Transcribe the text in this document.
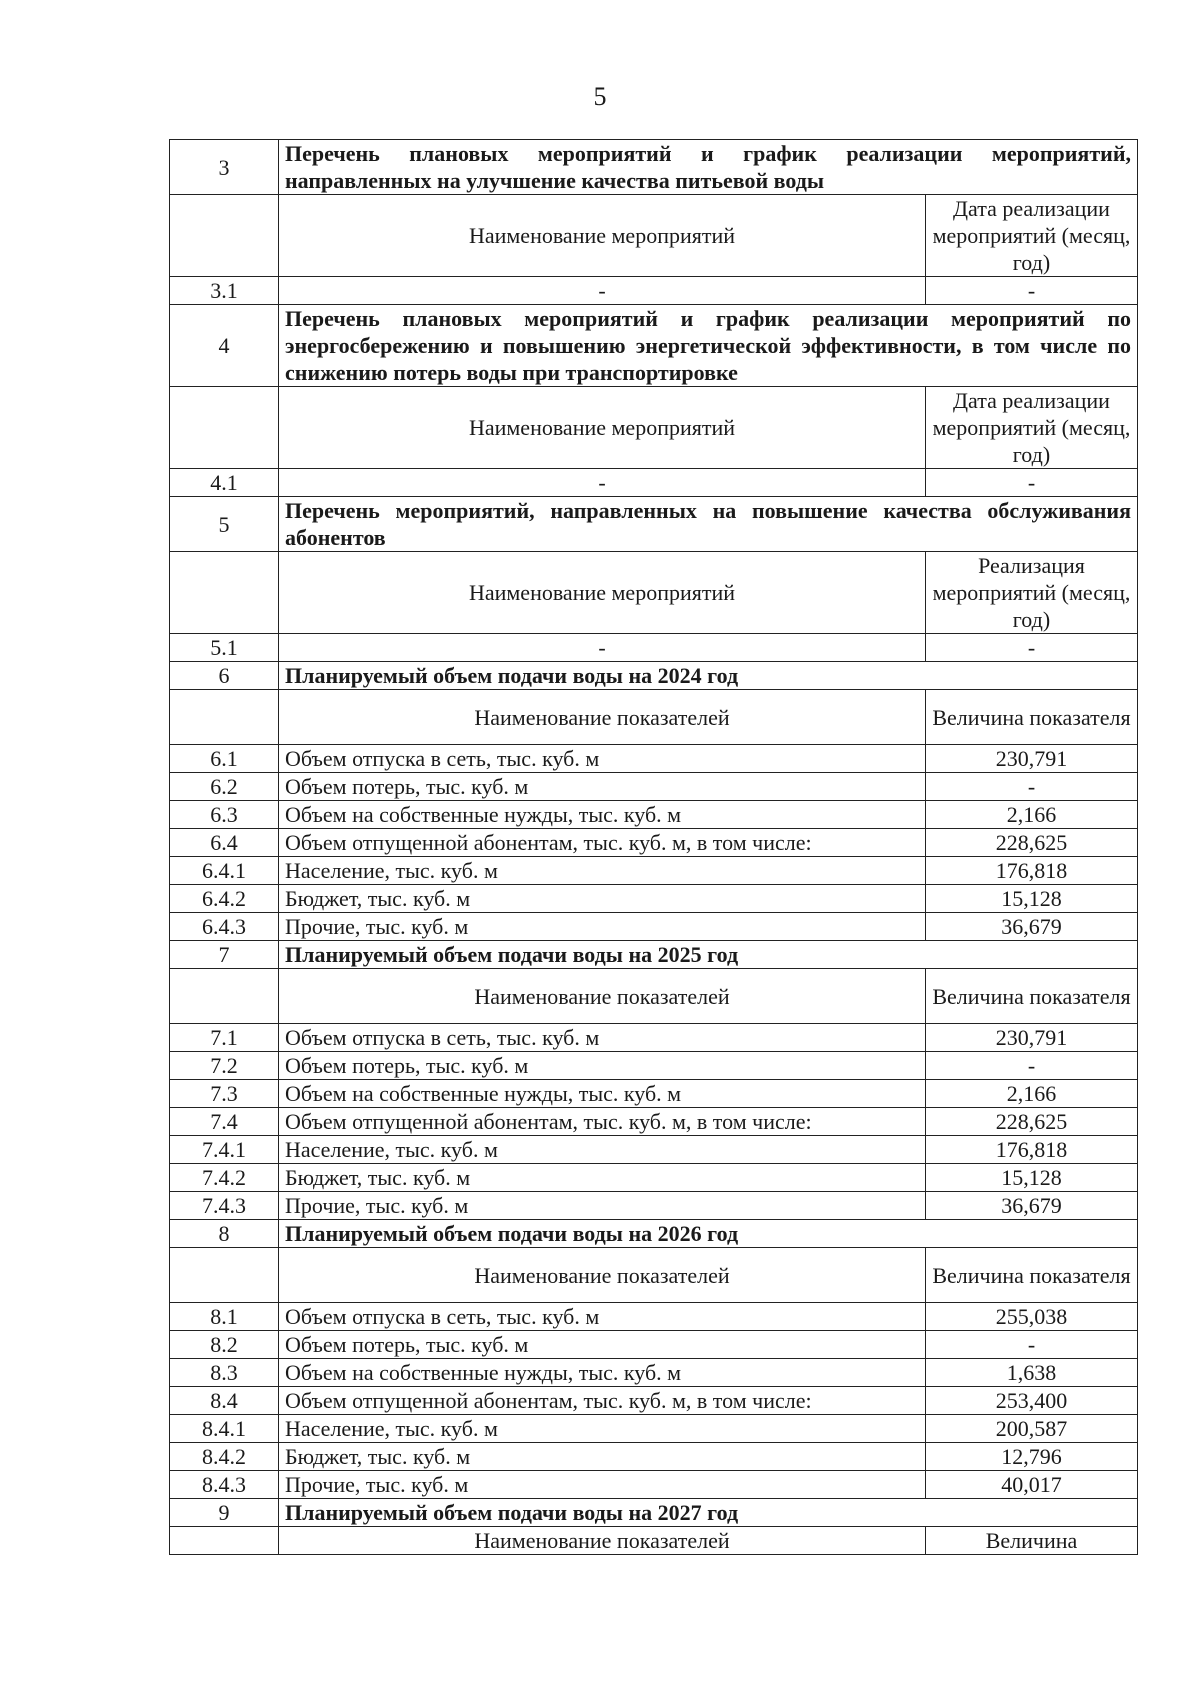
5
3	Перечень плановых мероприятий и график реализации мероприятий, направленных на улучшение качества питьевой воды	
	Наименование мероприятий	Дата реализации мероприятий (месяц, год)
3.1	-	-
4	Перечень плановых мероприятий и график реализации мероприятий по энергосбережению и повышению энергетической эффективности, в том числе по снижению потерь воды при транспортировке	
	Наименование мероприятий	Дата реализации мероприятий (месяц, год)
4.1	-	-
5	Перечень мероприятий, направленных на повышение качества обслуживания абонентов	
	Наименование мероприятий	Реализация мероприятий (месяц, год)
5.1	-	-
6	Планируемый объем подачи воды на 2024 год	
	Наименование показателей	Величина показателя
6.1	Объем отпуска в сеть, тыс. куб. м	230,791
6.2	Объем потерь, тыс. куб. м	-
6.3	Объем на собственные нужды, тыс. куб. м	2,166
6.4	Объем отпущенной абонентам, тыс. куб. м, в том числе:	228,625
6.4.1	Население, тыс. куб. м	176,818
6.4.2	Бюджет, тыс. куб. м	15,128
6.4.3	Прочие, тыс. куб. м	36,679
7	Планируемый объем подачи воды на 2025 год	
	Наименование показателей	Величина показателя
7.1	Объем отпуска в сеть, тыс. куб. м	230,791
7.2	Объем потерь, тыс. куб. м	-
7.3	Объем на собственные нужды, тыс. куб. м	2,166
7.4	Объем отпущенной абонентам, тыс. куб. м, в том числе:	228,625
7.4.1	Население, тыс. куб. м	176,818
7.4.2	Бюджет, тыс. куб. м	15,128
7.4.3	Прочие, тыс. куб. м	36,679
8	Планируемый объем подачи воды на 2026 год	
	Наименование показателей	Величина показателя
8.1	Объем отпуска в сеть, тыс. куб. м	255,038
8.2	Объем потерь, тыс. куб. м	-
8.3	Объем на собственные нужды, тыс. куб. м	1,638
8.4	Объем отпущенной абонентам, тыс. куб. м, в том числе:	253,400
8.4.1	Население, тыс. куб. м	200,587
8.4.2	Бюджет, тыс. куб. м	12,796
8.4.3	Прочие, тыс. куб. м	40,017
9	Планируемый объем подачи воды на 2027 год	
	Наименование показателей	Величина
